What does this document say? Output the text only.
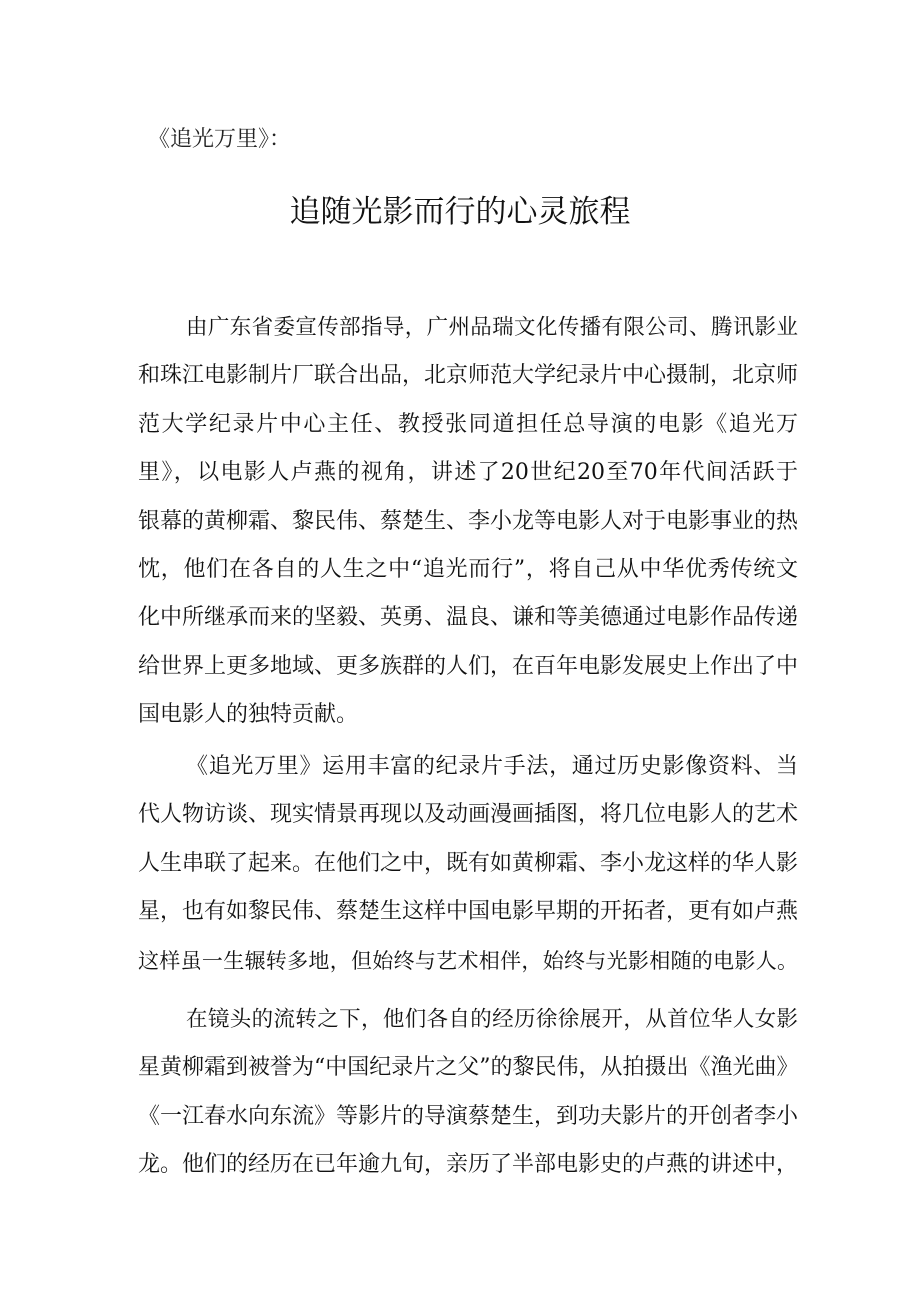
《追光万里》：
追随光影而行的心灵旅程
由广东省委宣传部指导，广州品瑞文化传播有限公司、腾讯影业
和珠江电影制片厂联合出品，北京师范大学纪录片中心摄制，北京师
范大学纪录片中心主任、教授张同道担任总导演的电影《追光万
里》，以电影人卢燕的视角，讲述了20世纪20至70年代间活跃于
银幕的黄柳霜、黎民伟、蔡楚生、李小龙等电影人对于电影事业的热
忱，他们在各自的人生之中“追光而行”，将自己从中华优秀传统文
化中所继承而来的坚毅、英勇、温良、谦和等美德通过电影作品传递
给世界上更多地域、更多族群的人们，在百年电影发展史上作出了中
国电影人的独特贡献。
《追光万里》运用丰富的纪录片手法，通过历史影像资料、当
代人物访谈、现实情景再现以及动画漫画插图，将几位电影人的艺术
人生串联了起来。在他们之中，既有如黄柳霜、李小龙这样的华人影
星，也有如黎民伟、蔡楚生这样中国电影早期的开拓者，更有如卢燕
这样虽一生辗转多地，但始终与艺术相伴，始终与光影相随的电影人。
在镜头的流转之下，他们各自的经历徐徐展开，从首位华人女影
星黄柳霜到被誉为“中国纪录片之父”的黎民伟，从拍摄出《渔光曲》
《一江春水向东流》等影片的导演蔡楚生，到功夫影片的开创者李小
龙。他们的经历在已年逾九旬，亲历了半部电影史的卢燕的讲述中，
